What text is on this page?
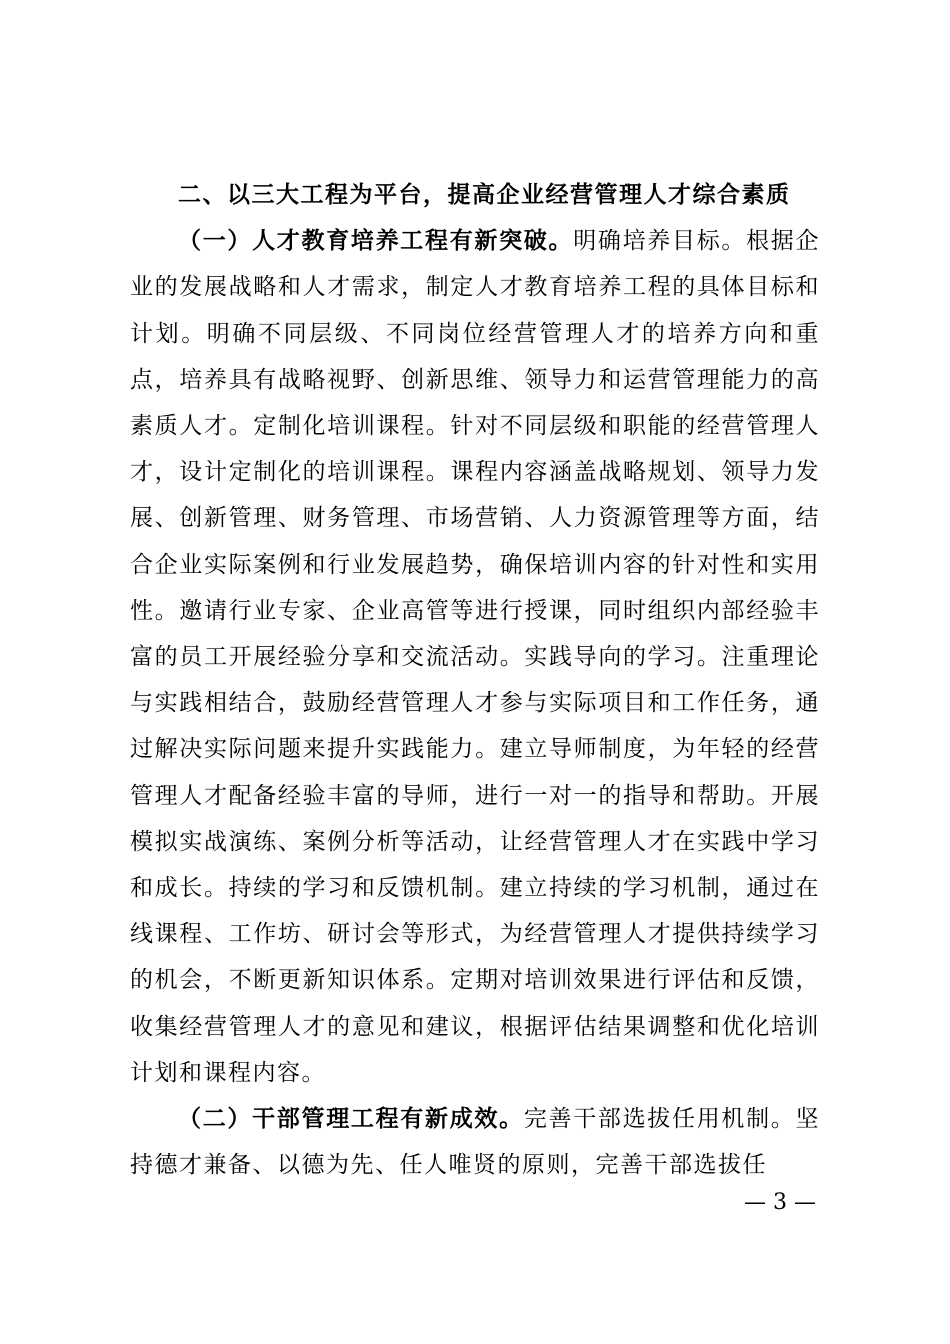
二、以三大工程为平台，提高企业经营管理人才综合素质

（一）人才教育培养工程有新突破。明确培养目标。根据企业的发展战略和人才需求，制定人才教育培养工程的具体目标和计划。明确不同层级、不同岗位经营管理人才的培养方向和重点，培养具有战略视野、创新思维、领导力和运营管理能力的高素质人才。定制化培训课程。针对不同层级和职能的经营管理人才，设计定制化的培训课程。课程内容涵盖战略规划、领导力发展、创新管理、财务管理、市场营销、人力资源管理等方面，结合企业实际案例和行业发展趋势，确保培训内容的针对性和实用性。邀请行业专家、企业高管等进行授课，同时组织内部经验丰富的员工开展经验分享和交流活动。实践导向的学习。注重理论与实践相结合，鼓励经营管理人才参与实际项目和工作任务，通过解决实际问题来提升实践能力。建立导师制度，为年轻的经营管理人才配备经验丰富的导师，进行一对一的指导和帮助。开展模拟实战演练、案例分析等活动，让经营管理人才在实践中学习和成长。持续的学习和反馈机制。建立持续的学习机制，通过在线课程、工作坊、研讨会等形式，为经营管理人才提供持续学习的机会，不断更新知识体系。定期对培训效果进行评估和反馈，收集经营管理人才的意见和建议，根据评估结果调整和优化培训计划和课程内容。

（二）干部管理工程有新成效。完善干部选拔任用机制。坚持德才兼备、以德为先、任人唯贤的原则，完善干部选拔任

— 3 —
